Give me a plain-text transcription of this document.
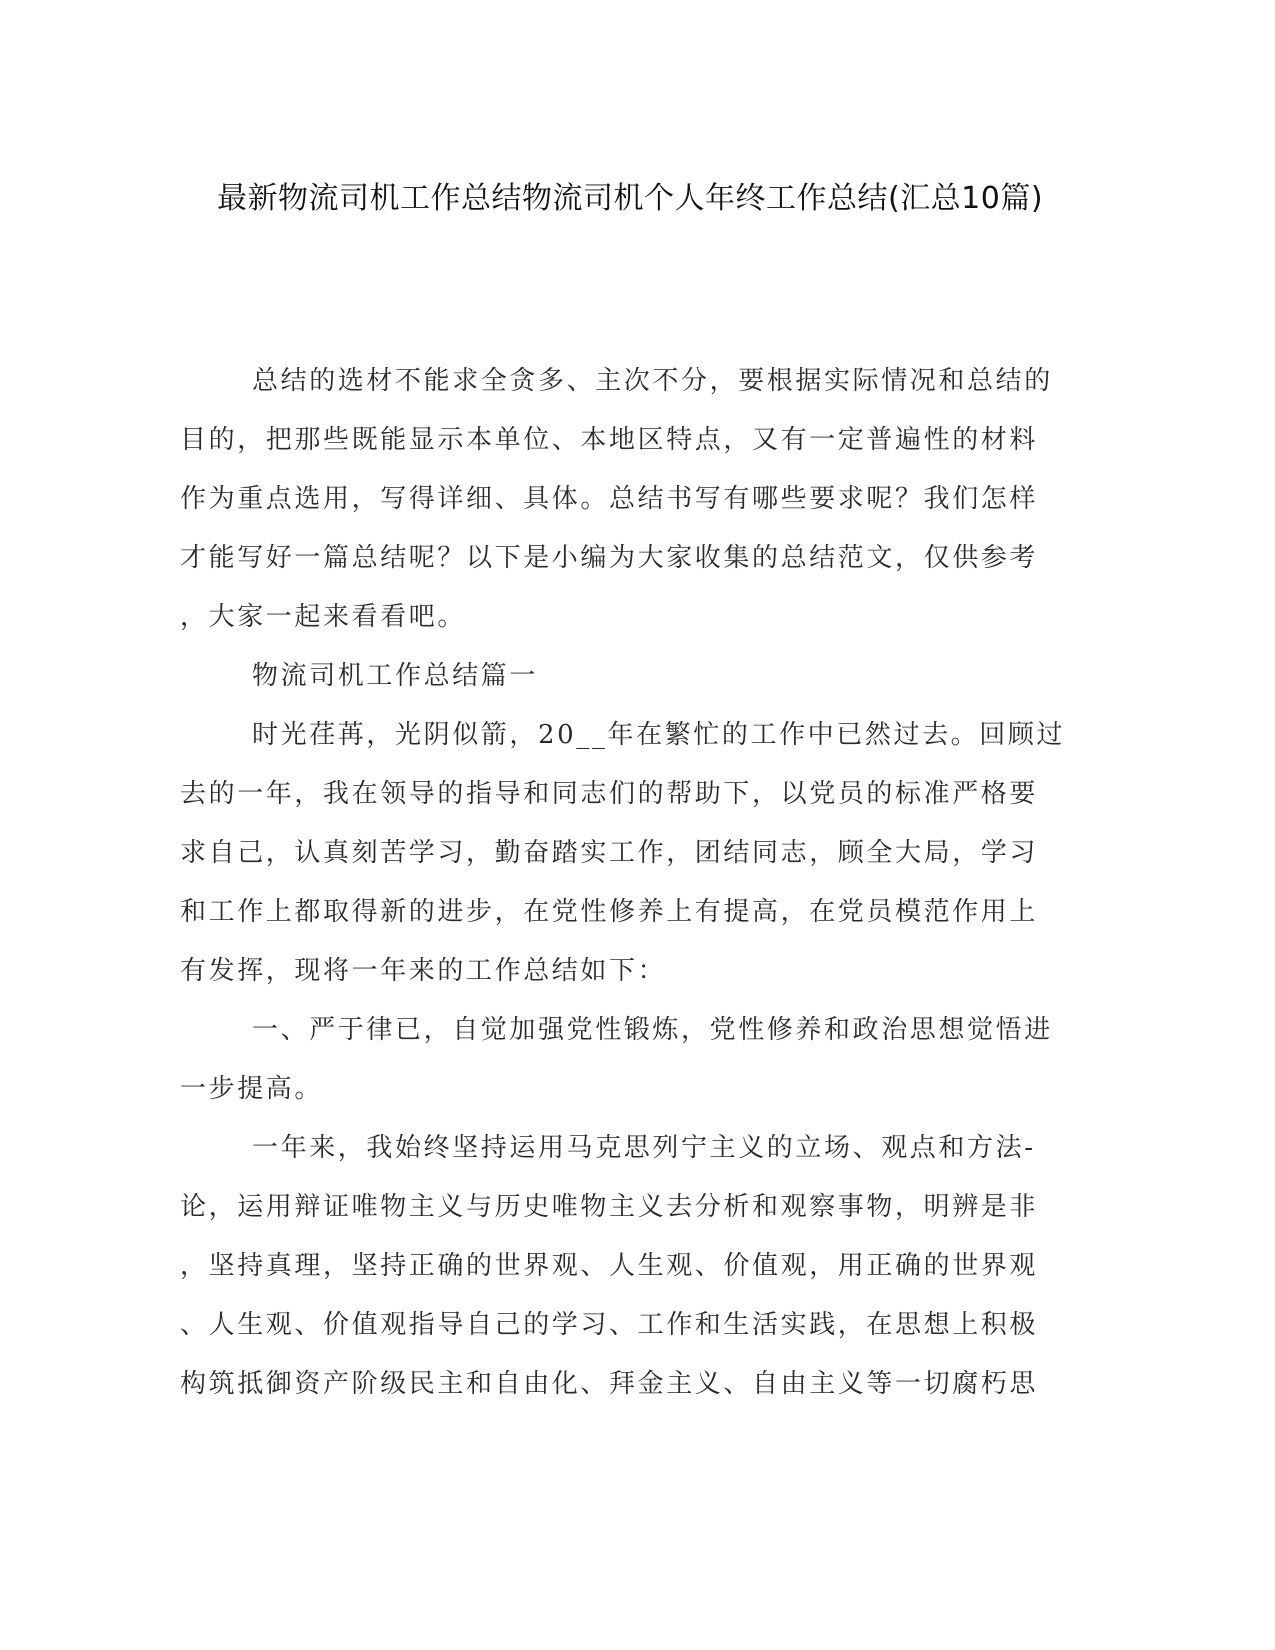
最新物流司机工作总结物流司机个人年终工作总结(汇总10篇)
总结的选材不能求全贪多、主次不分，要根据实际情况和总结的
目的，把那些既能显示本单位、本地区特点，又有一定普遍性的材料
作为重点选用，写得详细、具体。总结书写有哪些要求呢？我们怎样
才能写好一篇总结呢？以下是小编为大家收集的总结范文，仅供参考
，大家一起来看看吧。
物流司机工作总结篇一
时光荏苒，光阴似箭，20__年在繁忙的工作中已然过去。回顾过
去的一年，我在领导的指导和同志们的帮助下，以党员的标准严格要
求自己，认真刻苦学习，勤奋踏实工作，团结同志，顾全大局，学习
和工作上都取得新的进步，在党性修养上有提高，在党员模范作用上
有发挥，现将一年来的工作总结如下：
一、严于律已，自觉加强党性锻炼，党性修养和政治思想觉悟进
一步提高。
一年来，我始终坚持运用马克思列宁主义的立场、观点和方法-
论，运用辩证唯物主义与历史唯物主义去分析和观察事物，明辨是非
，坚持真理，坚持正确的世界观、人生观、价值观，用正确的世界观
、人生观、价值观指导自己的学习、工作和生活实践，在思想上积极
构筑抵御资产阶级民主和自由化、拜金主义、自由主义等一切腐朽思
